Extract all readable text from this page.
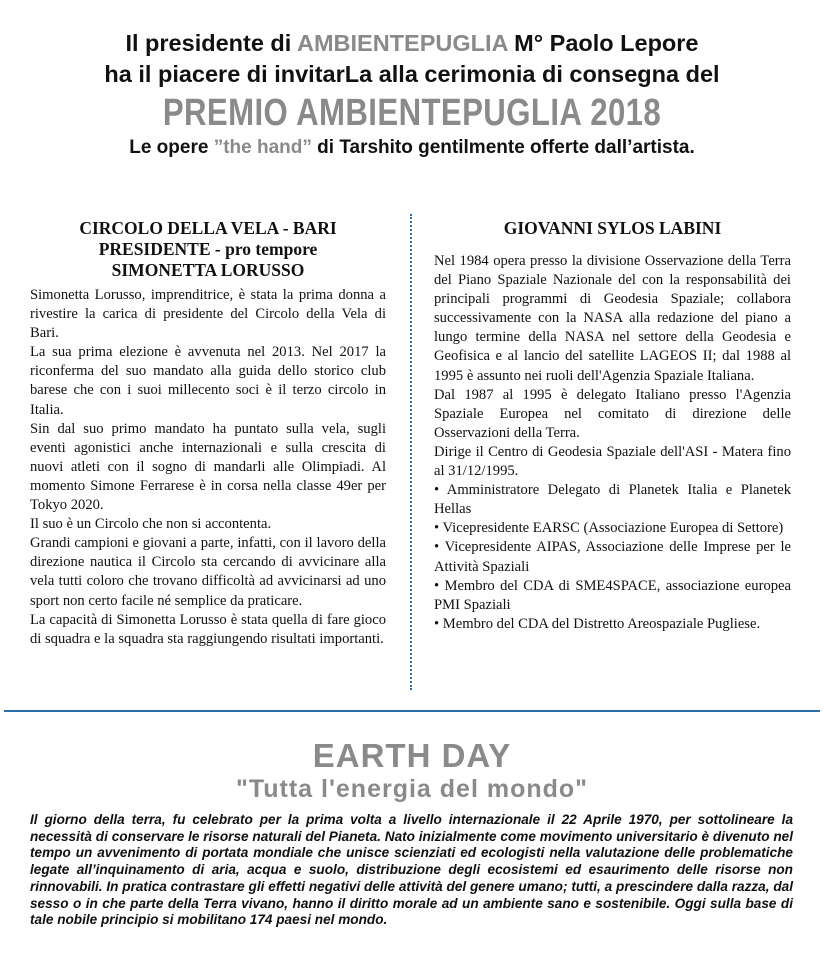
Il presidente di AMBIENTEPUGLIA M° Paolo Lepore

ha il piacere di invitarLa alla cerimonia di consegna del

PREMIO AMBIENTEPUGLIA 2018

Le opere ”the hand” di Tarshito gentilmente offerte dall’artista.

CIRCOLO DELLA VELA - BARI
PRESIDENTE - pro tempore
SIMONETTA LORUSSO

Simonetta Lorusso, imprenditrice, è stata la prima donna a rivestire la carica di presidente del Circolo della Vela di Bari.

La sua prima elezione è avvenuta nel 2013. Nel 2017 la riconferma del suo mandato alla guida dello storico club barese che con i suoi millecento soci è il terzo circolo in Italia.

Sin dal suo primo mandato ha puntato sulla vela, sugli eventi agonistici anche internazionali e sulla crescita di nuovi atleti con il sogno di mandarli alle Olimpiadi. Al momento Simone Ferrarese è in corsa nella classe 49er per Tokyo 2020.

Il suo è un Circolo che non si accontenta.

Grandi campioni e giovani a parte, infatti, con il lavoro della direzione nautica il Circolo sta cercando di avvicinare alla vela tutti coloro che trovano difficoltà ad avvicinarsi ad uno sport non certo facile né semplice da praticare.

La capacità di Simonetta Lorusso è stata quella di fare gioco di squadra e la squadra sta raggiungendo risultati importanti.

GIOVANNI SYLOS LABINI

Nel 1984 opera presso la divisione Osservazione della Terra del Piano Spaziale Nazionale del con la responsabilità dei principali programmi di Geodesia Spaziale; collabora successivamente con la NASA alla redazione del piano a lungo termine della NASA nel settore della Geodesia e Geofisica e al lancio del satellite LAGEOS II; dal 1988 al 1995 è assunto nei ruoli dell'Agenzia Spaziale Italiana.

Dal 1987 al 1995 è delegato Italiano presso l'Agenzia Spaziale Europea nel comitato di direzione delle Osservazioni della Terra.

Dirige il Centro di Geodesia Spaziale dell'ASI - Matera fino al 31/12/1995.

• Amministratore Delegato di Planetek Italia e Planetek Hellas

• Vicepresidente EARSC (Associazione Europea di Settore)

• Vicepresidente AIPAS, Associazione delle Imprese per le Attività Spaziali

• Membro del CDA di SME4SPACE, associazione europea PMI Spaziali

• Membro del CDA del Distretto Areospaziale Pugliese.

EARTH DAY

"Tutta l'energia del mondo"

Il giorno della terra, fu celebrato per la prima volta a livello internazionale il 22 Aprile 1970, per sottolineare la necessità di conservare le risorse naturali del Pianeta. Nato inizialmente come movimento universitario è divenuto nel tempo un avvenimento di portata mondiale che unisce scienziati ed ecologisti nella valutazione delle problematiche legate all’inquinamento di aria, acqua e suolo, distribuzione degli ecosistemi ed esaurimento delle risorse non rinnovabili. In pratica contrastare gli effetti negativi delle attività del genere umano; tutti, a prescindere dalla razza, dal sesso o in che parte della Terra vivano, hanno il diritto morale ad un ambiente sano e sostenibile. Oggi sulla base di tale nobile principio si mobilitano 174 paesi nel mondo.
